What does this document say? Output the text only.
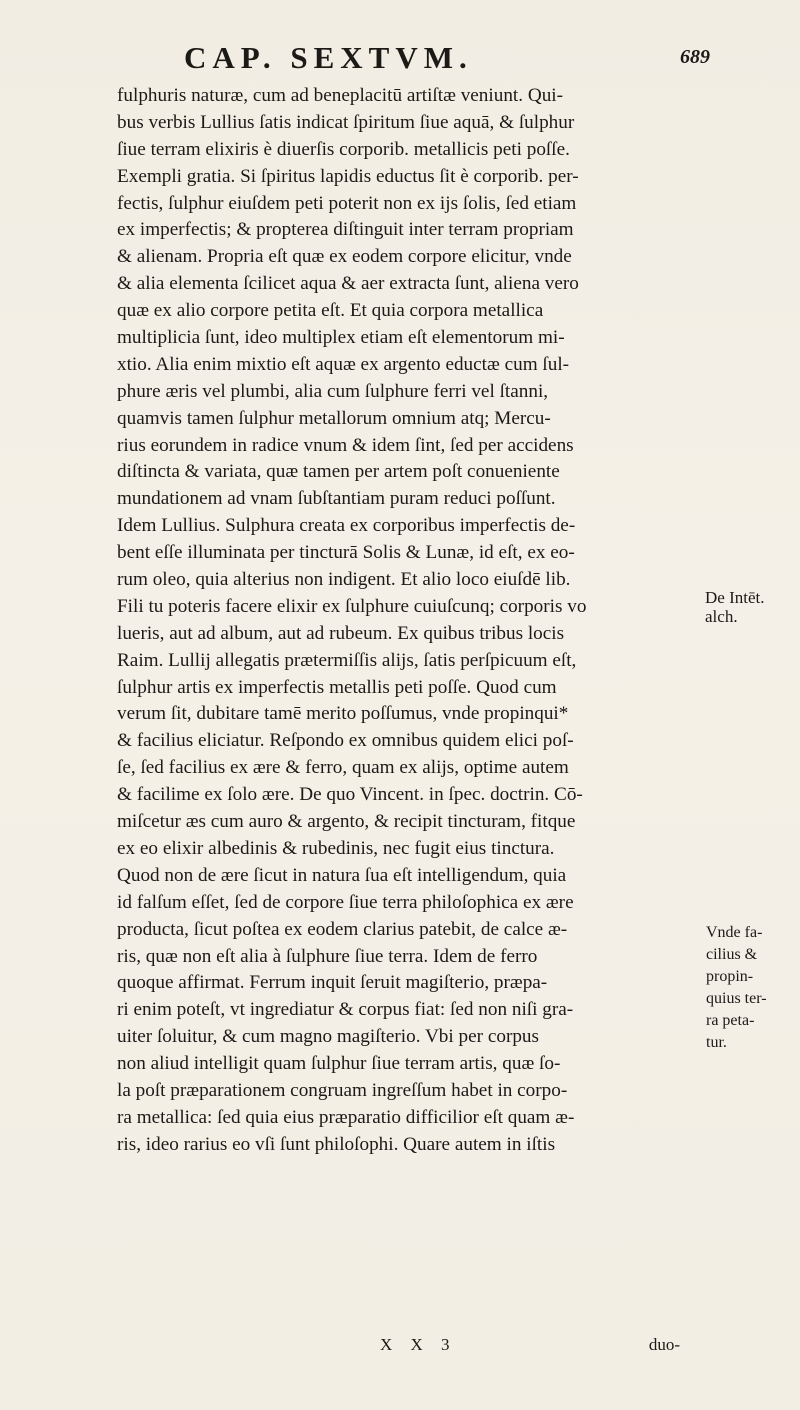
CAP. SEXTVM.	689
fulphuris naturæ, cum ad beneplacitū artiſtæ veniunt. Qui-
bus verbis Lullius ſatis indicat ſpiritum ſiue aquā, & ſulphur
ſiue terram elixiris è diuerſis corporib. metallicis peti poſſe.
Exempli gratia. Si ſpiritus lapidis eductus ſit è corporib. per-
fectis, ſulphur eiuſdem peti poterit non ex ijs ſolis, ſed etiam
ex imperfectis; & propterea diſtinguit inter terram propriam
& alienam. Propria eſt quæ ex eodem corpore elicitur, vnde
& alia elementa ſcilicet aqua & aer extracta ſunt, aliena vero
quæ ex alio corpore petita eſt. Et quia corpora metallica
multiplicia ſunt, ideo multiplex etiam eſt elementorum mi-
xtio. Alia enim mixtio eſt aquæ ex argento eductæ cum ſul-
phure æris vel plumbi, alia cum ſulphure ferri vel ſtanni,
quamvis tamen ſulphur metallorum omnium atq; Mercu-
rius eorundem in radice vnum & idem ſint, ſed per accidens
diſtincta & variata, quæ tamen per artem poſt conueniente
mundationem ad vnam ſubſtantiam puram reduci poſſunt.
Idem Lullius. Sulphura creata ex corporibus imperfectis de-
bent eſſe illuminata per tincturā Solis & Lunæ, id eſt, ex eo-
rum oleo, quia alterius non indigent. Et alio loco eiuſdē lib.
Fili tu poteris facere elixir ex ſulphure cuiuſcunq; corporis vo
lueris, aut ad album, aut ad rubeum. Ex quibus tribus locis
Raim. Lullij allegatis prætermiſſis alijs, ſatis perſpicuum eſt,
ſulphur artis ex imperfectis metallis peti poſſe. Quod cum
verum ſit, dubitare tamē merito poſſumus, vnde propinqui*
& facilius eliciatur. Reſpondo ex omnibus quidem elici poſ-
ſe, ſed facilius ex ære & ferro, quam ex alijs, optime autem
& facilime ex ſolo ære. De quo Vincent. in ſpec. doctrin. Cō-
miſcetur æs cum auro & argento, & recipit tincturam, fitque
ex eo elixir albedinis & rubedinis, nec fugit eius tinctura.
Quod non de ære ſicut in natura ſua eſt intelligendum, quia
id falſum eſſet, ſed de corpore ſiue terra philoſophica ex ære
producta, ſicut poſtea ex eodem clarius patebit, de calce æ-
ris, quæ non eſt alia à ſulphure ſiue terra. Idem de ferro
quoque affirmat. Ferrum inquit ſeruit magiſterio, præpa-
ri enim poteſt, vt ingrediatur & corpus fiat: ſed non niſi gra-
uiter ſoluitur, & cum magno magiſterio. Vbi per corpus
non aliud intelligit quam ſulphur ſiue terram artis, quæ ſo-
la poſt præparationem congruam ingreſſum habet in corpo-
ra metallica: ſed quia eius præparatio difficilior eſt quam æ-
ris, ideo rarius eo vſi ſunt philoſophi. Quare autem in iſtis
De Intēt.
alch.
Vnde fa-
cilius &
propin-
quius ter-
ra peta-
tur.
X X 3	duo-
